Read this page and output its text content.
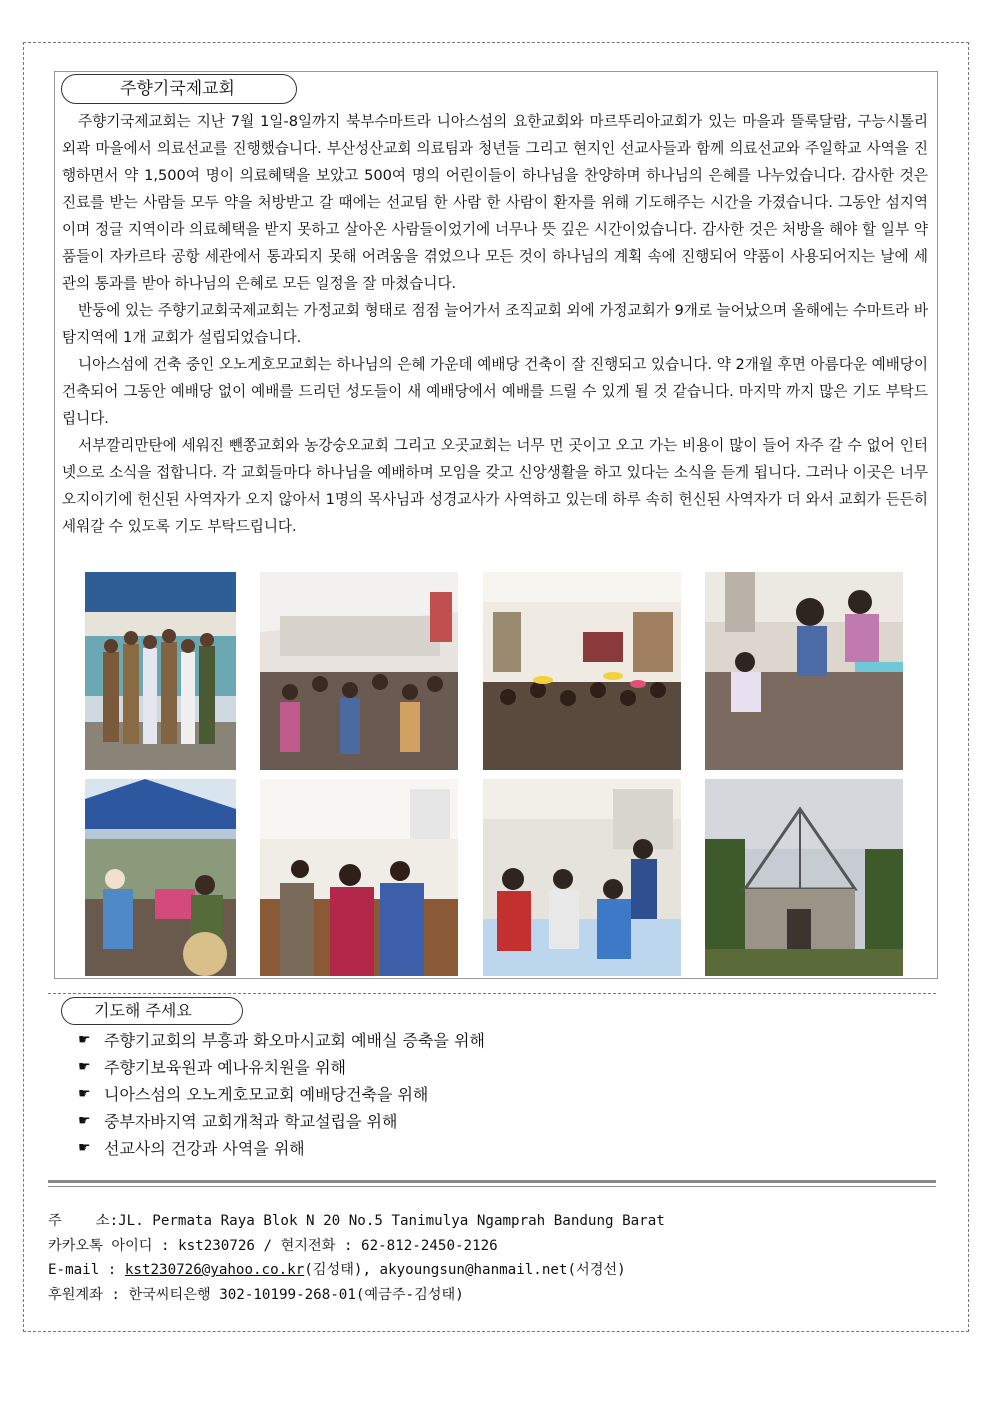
주향기국제교회

주향기국제교회는 지난 7월 1일-8일까지 북부수마트라 니아스섬의 요한교회와 마르뚜리아교회가 있는 마을과 뜰룩달람, 구능시톨리 외곽 마을에서 의료선교를 진행했습니다. 부산성산교회 의료팀과 청년들 그리고 현지인 선교사들과 함께 의료선교와 주일학교 사역을 진행하면서 약 1,500여 명이 의료혜택을 보았고 500여 명의 어린이들이 하나님을 찬양하며 하나님의 은혜를 나누었습니다. 감사한 것은 진료를 받는 사람들 모두 약을 처방받고 갈 때에는 선교팀 한 사람 한 사람이 환자를 위해 기도해주는 시간을 가졌습니다. 그동안 섬지역이며 정글 지역이라 의료혜택을 받지 못하고 살아온 사람들이었기에 너무나 뜻 깊은 시간이었습니다. 감사한 것은 처방을 해야 할 일부 약품들이 자카르타 공항 세관에서 통과되지 못해 어려움을 겪었으나 모든 것이 하나님의 계획 속에 진행되어 약품이 사용되어지는 날에 세관의 통과를 받아 하나님의 은혜로 모든 일정을 잘 마쳤습니다.

반둥에 있는 주향기교회국제교회는 가정교회 형태로 점점 늘어가서 조직교회 외에 가정교회가 9개로 늘어났으며 올해에는 수마트라 바탐지역에 1개 교회가 설립되었습니다.

니아스섬에 건축 중인 오노게호모교회는 하나님의 은혜 가운데 예배당 건축이 잘 진행되고 있습니다. 약 2개월 후면 아름다운 예배당이 건축되어 그동안 예배당 없이 예배를 드리던 성도들이 새 예배당에서 예배를 드릴 수 있게 될 것 같습니다. 마지막 까지 많은 기도 부탁드립니다.

서부깔리만탄에 세워진 뺀쫑교회와 농강숭오교회 그리고 오곳교회는 너무 먼 곳이고 오고 가는 비용이 많이 들어 자주 갈 수 없어 인터넷으로 소식을 접합니다. 각 교회들마다 하나님을 예배하며 모임을 갖고 신앙생활을 하고 있다는 소식을 듣게 됩니다. 그러나 이곳은 너무 오지이기에 헌신된 사역자가 오지 않아서 1명의 목사님과 성경교사가 사역하고 있는데 하루 속히 헌신된 사역자가 더 와서 교회가 든든히 세워갈 수 있도록 기도 부탁드립니다.

기도해 주세요
☛ 주향기교회의 부흥과 화오마시교회 예배실 증축을 위해
☛ 주향기보육원과 예나유치원을 위해
☛ 니아스섬의 오노게호모교회 예배당건축을 위해
☛ 중부자바지역 교회개척과 학교설립을 위해
☛ 선교사의 건강과 사역을 위해
주    소:JL. Permata Raya Blok N 20 No.5 Tanimulya Ngamprah Bandung Barat
카카오톡 아이디 : kst230726 / 현지전화 : 62-812-2450-2126
E-mail : kst230726@yahoo.co.kr(김성태), akyoungsun@hanmail.net(서경선)
후원계좌 : 한국씨티은행 302-10199-268-01(예금주-김성태)
